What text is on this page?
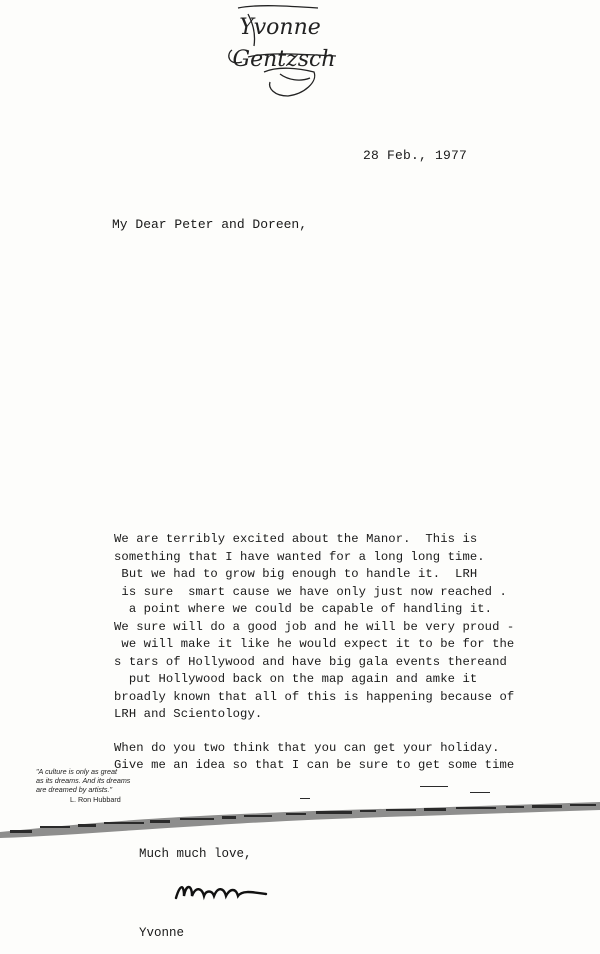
Yvonne
Gentzsch
28 Feb., 1977
My Dear Peter and Doreen,
We are terribly excited about the Manor.  This is
something that I have wanted for a long long time.
But we had to grow big enough to handle it.  LRH
is sure  smart cause we have only just now reached .
a point where we could be capable of handling it.
We sure will do a good job and he will be very proud -
we will make it like he would expect it to be for the
s tars of Hollywood and have big gala events thereand
put Hollywood back on the map again and amke it
broadly known that all of this is happening because of
LRH and Scientology.
When do you two think that you can get your holiday.
Give me an idea so that I can be sure to get some time
"A culture is only as great
as its dreams. And its dreams
are dreamed by artists."
L. Ron Hubbard
Much much love,
Yvonne
